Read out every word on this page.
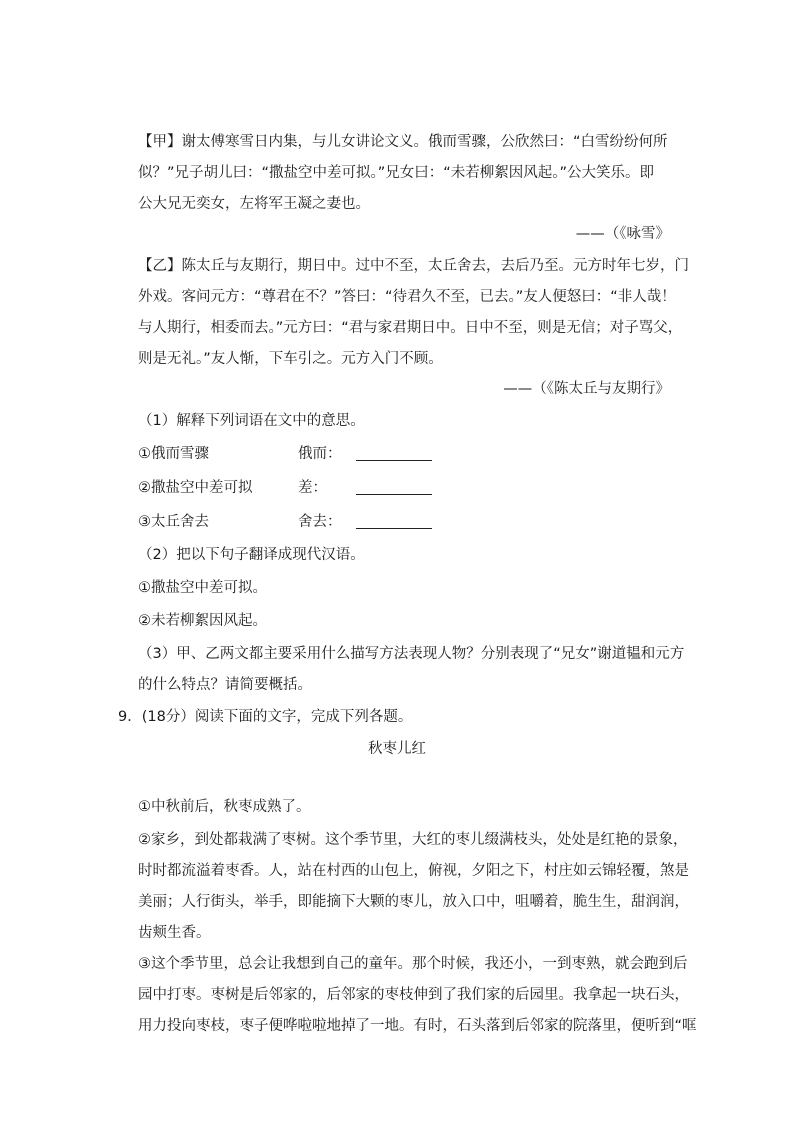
【甲】谢太傅寒雪日内集，与儿女讲论文义。俄而雪骤，公欣然曰：“白雪纷纷何所
似？”兄子胡儿曰：“撒盐空中差可拟。”兄女曰：“未若柳絮因风起。”公大笑乐。即
公大兄无奕女，左将军王凝之妻也。
——（《咏雪》
【乙】陈太丘与友期行，期日中。过中不至，太丘舍去，去后乃至。元方时年七岁，门
外戏。客问元方：“尊君在不？”答曰：“待君久不至，已去。”友人便怒曰：“非人哉！
与人期行，相委而去。”元方曰：“君与家君期日中。日中不至，则是无信；对子骂父，
则是无礼。”友人惭，下车引之。元方入门不顾。
——（《陈太丘与友期行》
（1）解释下列词语在文中的意思。
①俄而雪骤	俄而：
②撒盐空中差可拟	差：
③太丘舍去	舍去：
（2）把以下句子翻译成现代汉语。
①撒盐空中差可拟。
②未若柳絮因风起。
（3）甲、乙两文都主要采用什么描写方法表现人物？分别表现了“兄女”谢道韫和元方
的什么特点？请简要概括。
9．(18分）阅读下面的文字，完成下列各题。
秋枣儿红
①中秋前后，秋枣成熟了。
②家乡，到处都栽满了枣树。这个季节里，大红的枣儿缀满枝头，处处是红艳的景象，
时时都流溢着枣香。人，站在村西的山包上，俯视，夕阳之下，村庄如云锦轻覆，煞是
美丽；人行街头，举手，即能摘下大颗的枣儿，放入口中，咀嚼着，脆生生，甜润润，
齿颊生香。
③这个季节里，总会让我想到自己的童年。那个时候，我还小，一到枣熟，就会跑到后
园中打枣。枣树是后邻家的，后邻家的枣枝伸到了我们家的后园里。我拿起一块石头，
用力投向枣枝，枣子便哗啦啦地掉了一地。有时，石头落到后邻家的院落里，便听到“哐
